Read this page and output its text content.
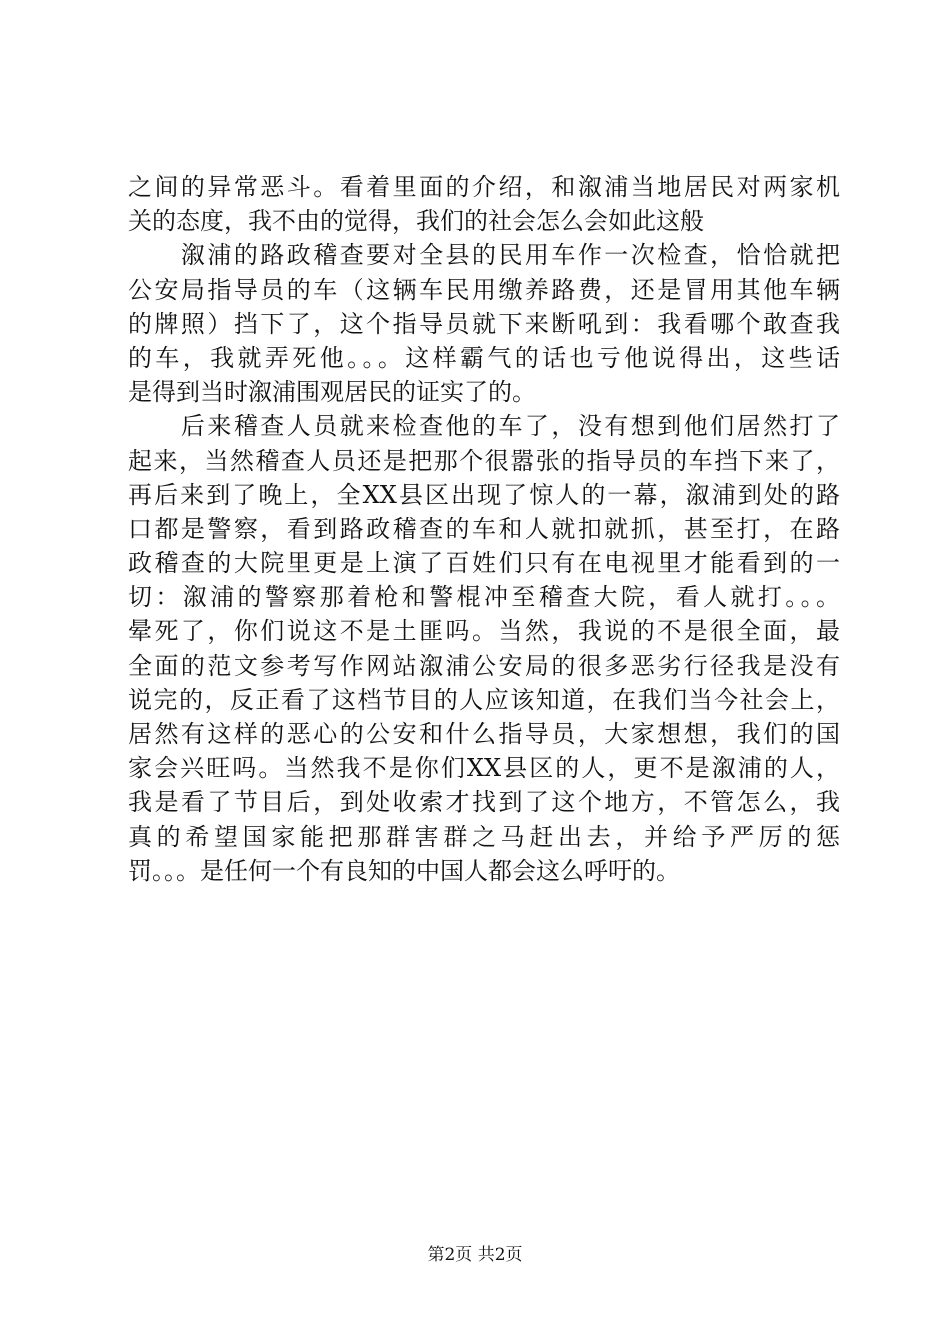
之间的异常恶斗。看着里面的介绍，和溆浦当地居民对两家机
关的态度，我不由的觉得，我们的社会怎么会如此这般
　　溆浦的路政稽查要对全县的民用车作一次检查，恰恰就把
公安局指导员的车（这辆车民用缴养路费，还是冒用其他车辆
的牌照）挡下了，这个指导员就下来断吼到：我看哪个敢查我
的车，我就弄死他。。。这样霸气的话也亏他说得出，这些话
是得到当时溆浦围观居民的证实了的。
　　后来稽查人员就来检查他的车了，没有想到他们居然打了
起来，当然稽查人员还是把那个很嚣张的指导员的车挡下来了，
再后来到了晚上，全XX县区出现了惊人的一幕，溆浦到处的路
口都是警察，看到路政稽查的车和人就扣就抓，甚至打，在路
政稽查的大院里更是上演了百姓们只有在电视里才能看到的一
切：溆浦的警察那着枪和警棍冲至稽查大院，看人就打。。。
晕死了，你们说这不是土匪吗。当然，我说的不是很全面，最
全面的范文参考写作网站溆浦公安局的很多恶劣行径我是没有
说完的，反正看了这档节目的人应该知道，在我们当今社会上，
居然有这样的恶心的公安和什么指导员，大家想想，我们的国
家会兴旺吗。当然我不是你们XX县区的人，更不是溆浦的人，
我是看了节目后，到处收索才找到了这个地方，不管怎么，我
真的希望国家能把那群害群之马赶出去，并给予严厉的惩
罚。。。是任何一个有良知的中国人都会这么呼吁的。
第2页 共2页
